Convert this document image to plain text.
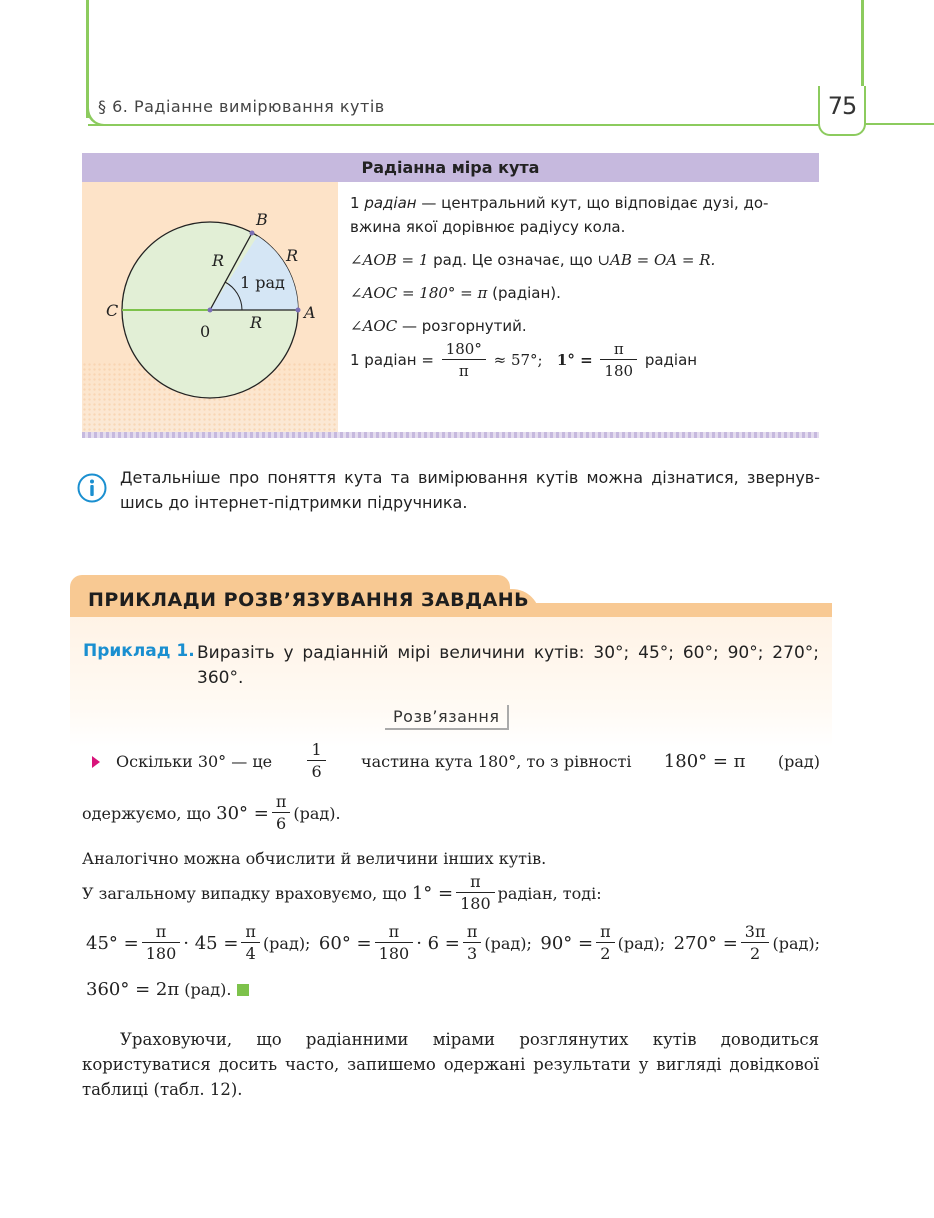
§ 6. Радіанне вимірювання кутів	75
Радіанна міра кута
B
C	A
0
R
R
R
1 рад
1 радіан — центральний кут, що відповідає дузі, до-
вжина якої дорівнює радіусу кола.
∠AOB = 1 рад. Це означає, що ∪AB = OA = R.
∠AOC = 180° = π (радіан).
∠AOC — розгорнутий.
1 радіан = $\frac{180^\circ}{\pi} \approx 57^\circ$; $1^\circ = \frac{\pi}{180}$ радіан
Детальніше про поняття кута та вимірювання кутів можна дізнатися, звернув-шись до інтернет-підтримки підручника.
ПРИКЛАДИ РОЗВ’ЯЗУВАННЯ ЗАВДАНЬ
Приклад 1. Виразіть у радіанній мірі величини кутів: 30°; 45°; 60°; 90°; 270°; 360°.
Розв’язання
Оскільки 30° — це $\frac{1}{6}$ частина кута 180°, то з рівності 180° = π (рад)
одержуємо, що
$30^\circ = \frac{\pi}{6} (рад)$.
Аналогічно можна обчислити й величини інших кутів.
У загальному випадку враховуємо, що
$1^\circ = \frac{\pi}{180}$ радіан, тоді:
$45^\circ = \frac{\pi}{180} \cdot 45 = \frac{\pi}{4} (рад)$; $60^\circ = \frac{\pi}{180} \cdot 6 = \frac{\pi}{3} (рад)$; $90^\circ = \frac{\pi}{2} (рад)$; $270^\circ = \frac{3\pi}{2} (рад)$;
360° = 2π
(рад).
Ураховуючи, що радіанними мірами розглянутих кутів доводиться користуватися досить часто, запишемо одержані результати у вигляді довідкової таблиці (табл. 12).
